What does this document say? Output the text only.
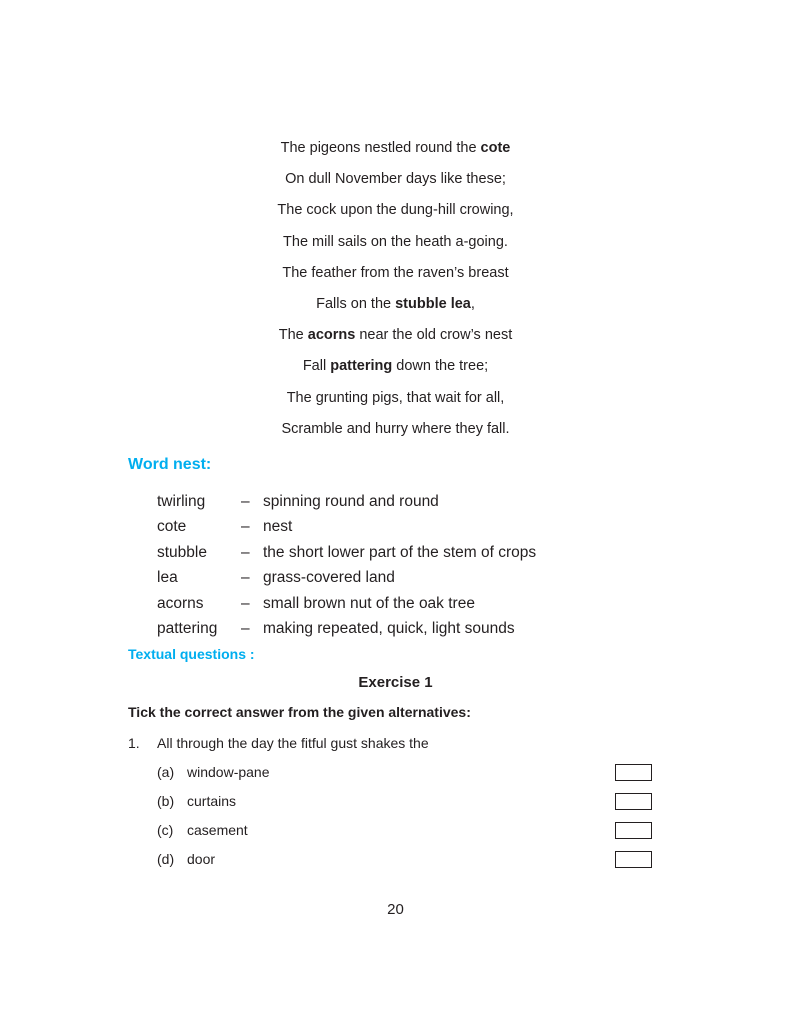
The pigeons nestled round the cote
On dull November days like these;
The cock upon the dung-hill crowing,
The mill sails on the heath a-going.
The feather from the raven’s breast
Falls on the stubble lea,
The acorns near the old crow’s nest
Fall pattering down the tree;
The grunting pigs, that wait for all,
Scramble and hurry where they fall.
Word nest:
twirling – spinning round and round
cote	– nest
stubble – the short lower part of the stem of crops
lea	– grass-covered land
acorns – small brown nut of the oak tree
pattering – making repeated, quick, light sounds
Textual questions :
Exercise 1
Tick the correct answer from the given alternatives:
1. All through the day the fitful gust shakes the
(a) window-pane
(b) curtains
(c) casement
(d) door
20
